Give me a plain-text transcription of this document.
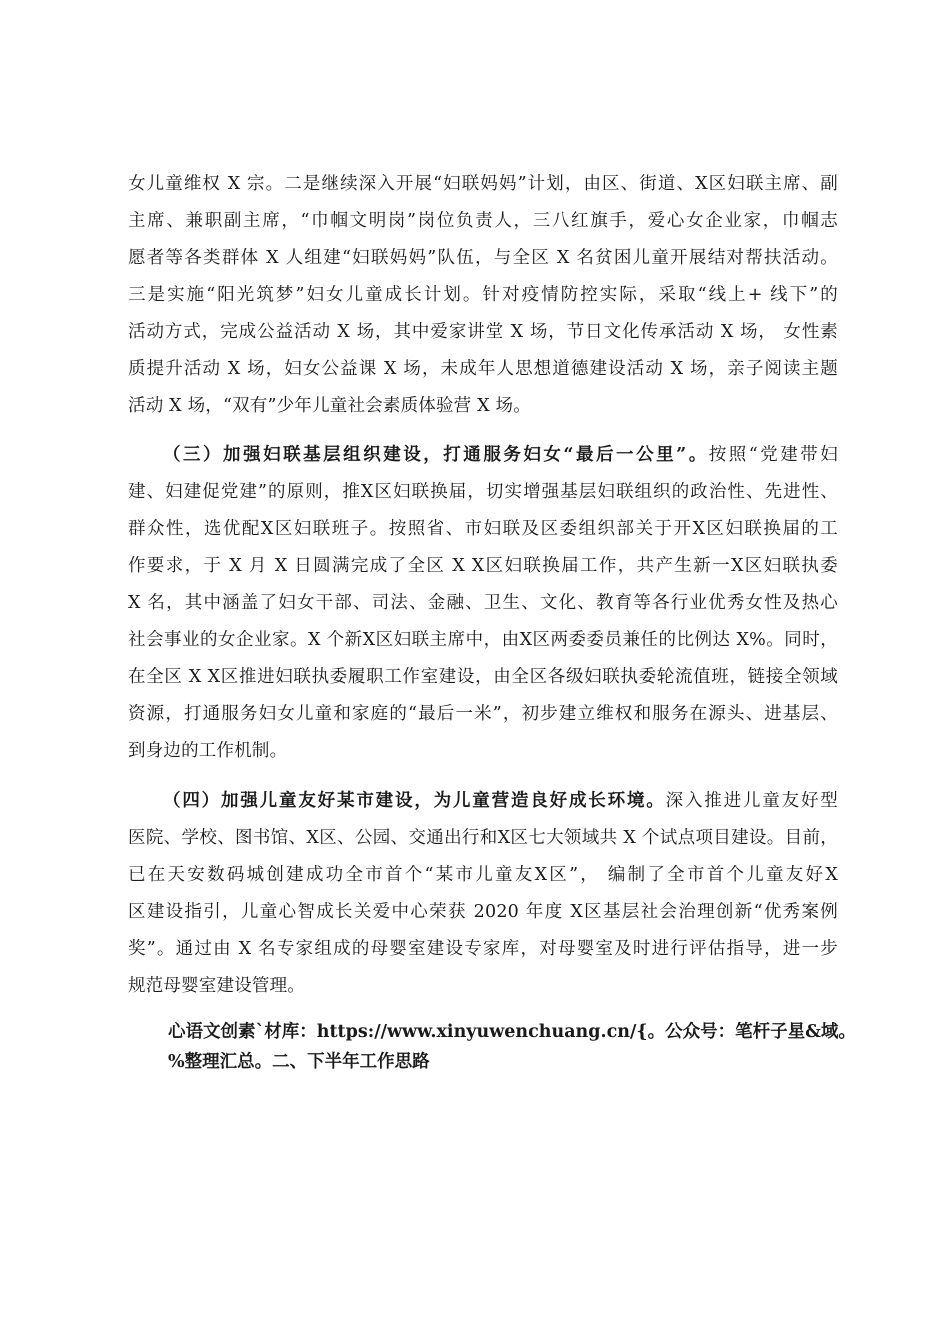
女儿童维权 X 宗。二是继续深入开展“妇联妈妈”计划，由区、街道、X区妇联主席、副
主席、兼职副主席，“巾帼文明岗”岗位负责人，三八红旗手，爱心女企业家，巾帼志
愿者等各类群体 X 人组建“妇联妈妈”队伍，与全区 X 名贫困儿童开展结对帮扶活动。
三是实施“阳光筑梦”妇女儿童成长计划。针对疫情防控实际，采取“线上+ 线下”的
活动方式，完成公益活动 X 场，其中爱家讲堂 X 场，节日文化传承活动 X 场， 女性素
质提升活动 X 场，妇女公益课 X 场，未成年人思想道德建设活动 X 场，亲子阅读主题
活动 X 场，“双有”少年儿童社会素质体验营 X 场。
（三）加强妇联基层组织建设，打通服务妇女“最后一公里”。按照“党建带妇
建、妇建促党建”的原则，推X区妇联换届，切实增强基层妇联组织的政治性、先进性、
群众性，选优配X区妇联班子。按照省、市妇联及区委组织部关于开X区妇联换届的工
作要求，于 X 月 X 日圆满完成了全区 X X区妇联换届工作，共产生新一X区妇联执委
X 名，其中涵盖了妇女干部、司法、金融、卫生、文化、教育等各行业优秀女性及热心
社会事业的女企业家。X 个新X区妇联主席中，由X区两委委员兼任的比例达 X%。同时，
在全区 X X区推进妇联执委履职工作室建设，由全区各级妇联执委轮流值班，链接全领域
资源，打通服务妇女儿童和家庭的“最后一米”，初步建立维权和服务在源头、进基层、
到身边的工作机制。
（四）加强儿童友好某市建设，为儿童营造良好成长环境。深入推进儿童友好型
医院、学校、图书馆、X区、公园、交通出行和X区七大领域共 X 个试点项目建设。目前，
已在天安数码城创建成功全市首个“某市儿童友X区”， 编制了全市首个儿童友好X
区建设指引，儿童心智成长关爱中心荣获 2020 年度 X区基层社会治理创新“优秀案例
奖”。通过由 X 名专家组成的母婴室建设专家库，对母婴室及时进行评估指导，进一步
规范母婴室建设管理。
心语文创素`材库：https://www.xinyuwenchuang.cn/{。公众号：笔杆子星&域。
%整理汇总。二、下半年工作思路
